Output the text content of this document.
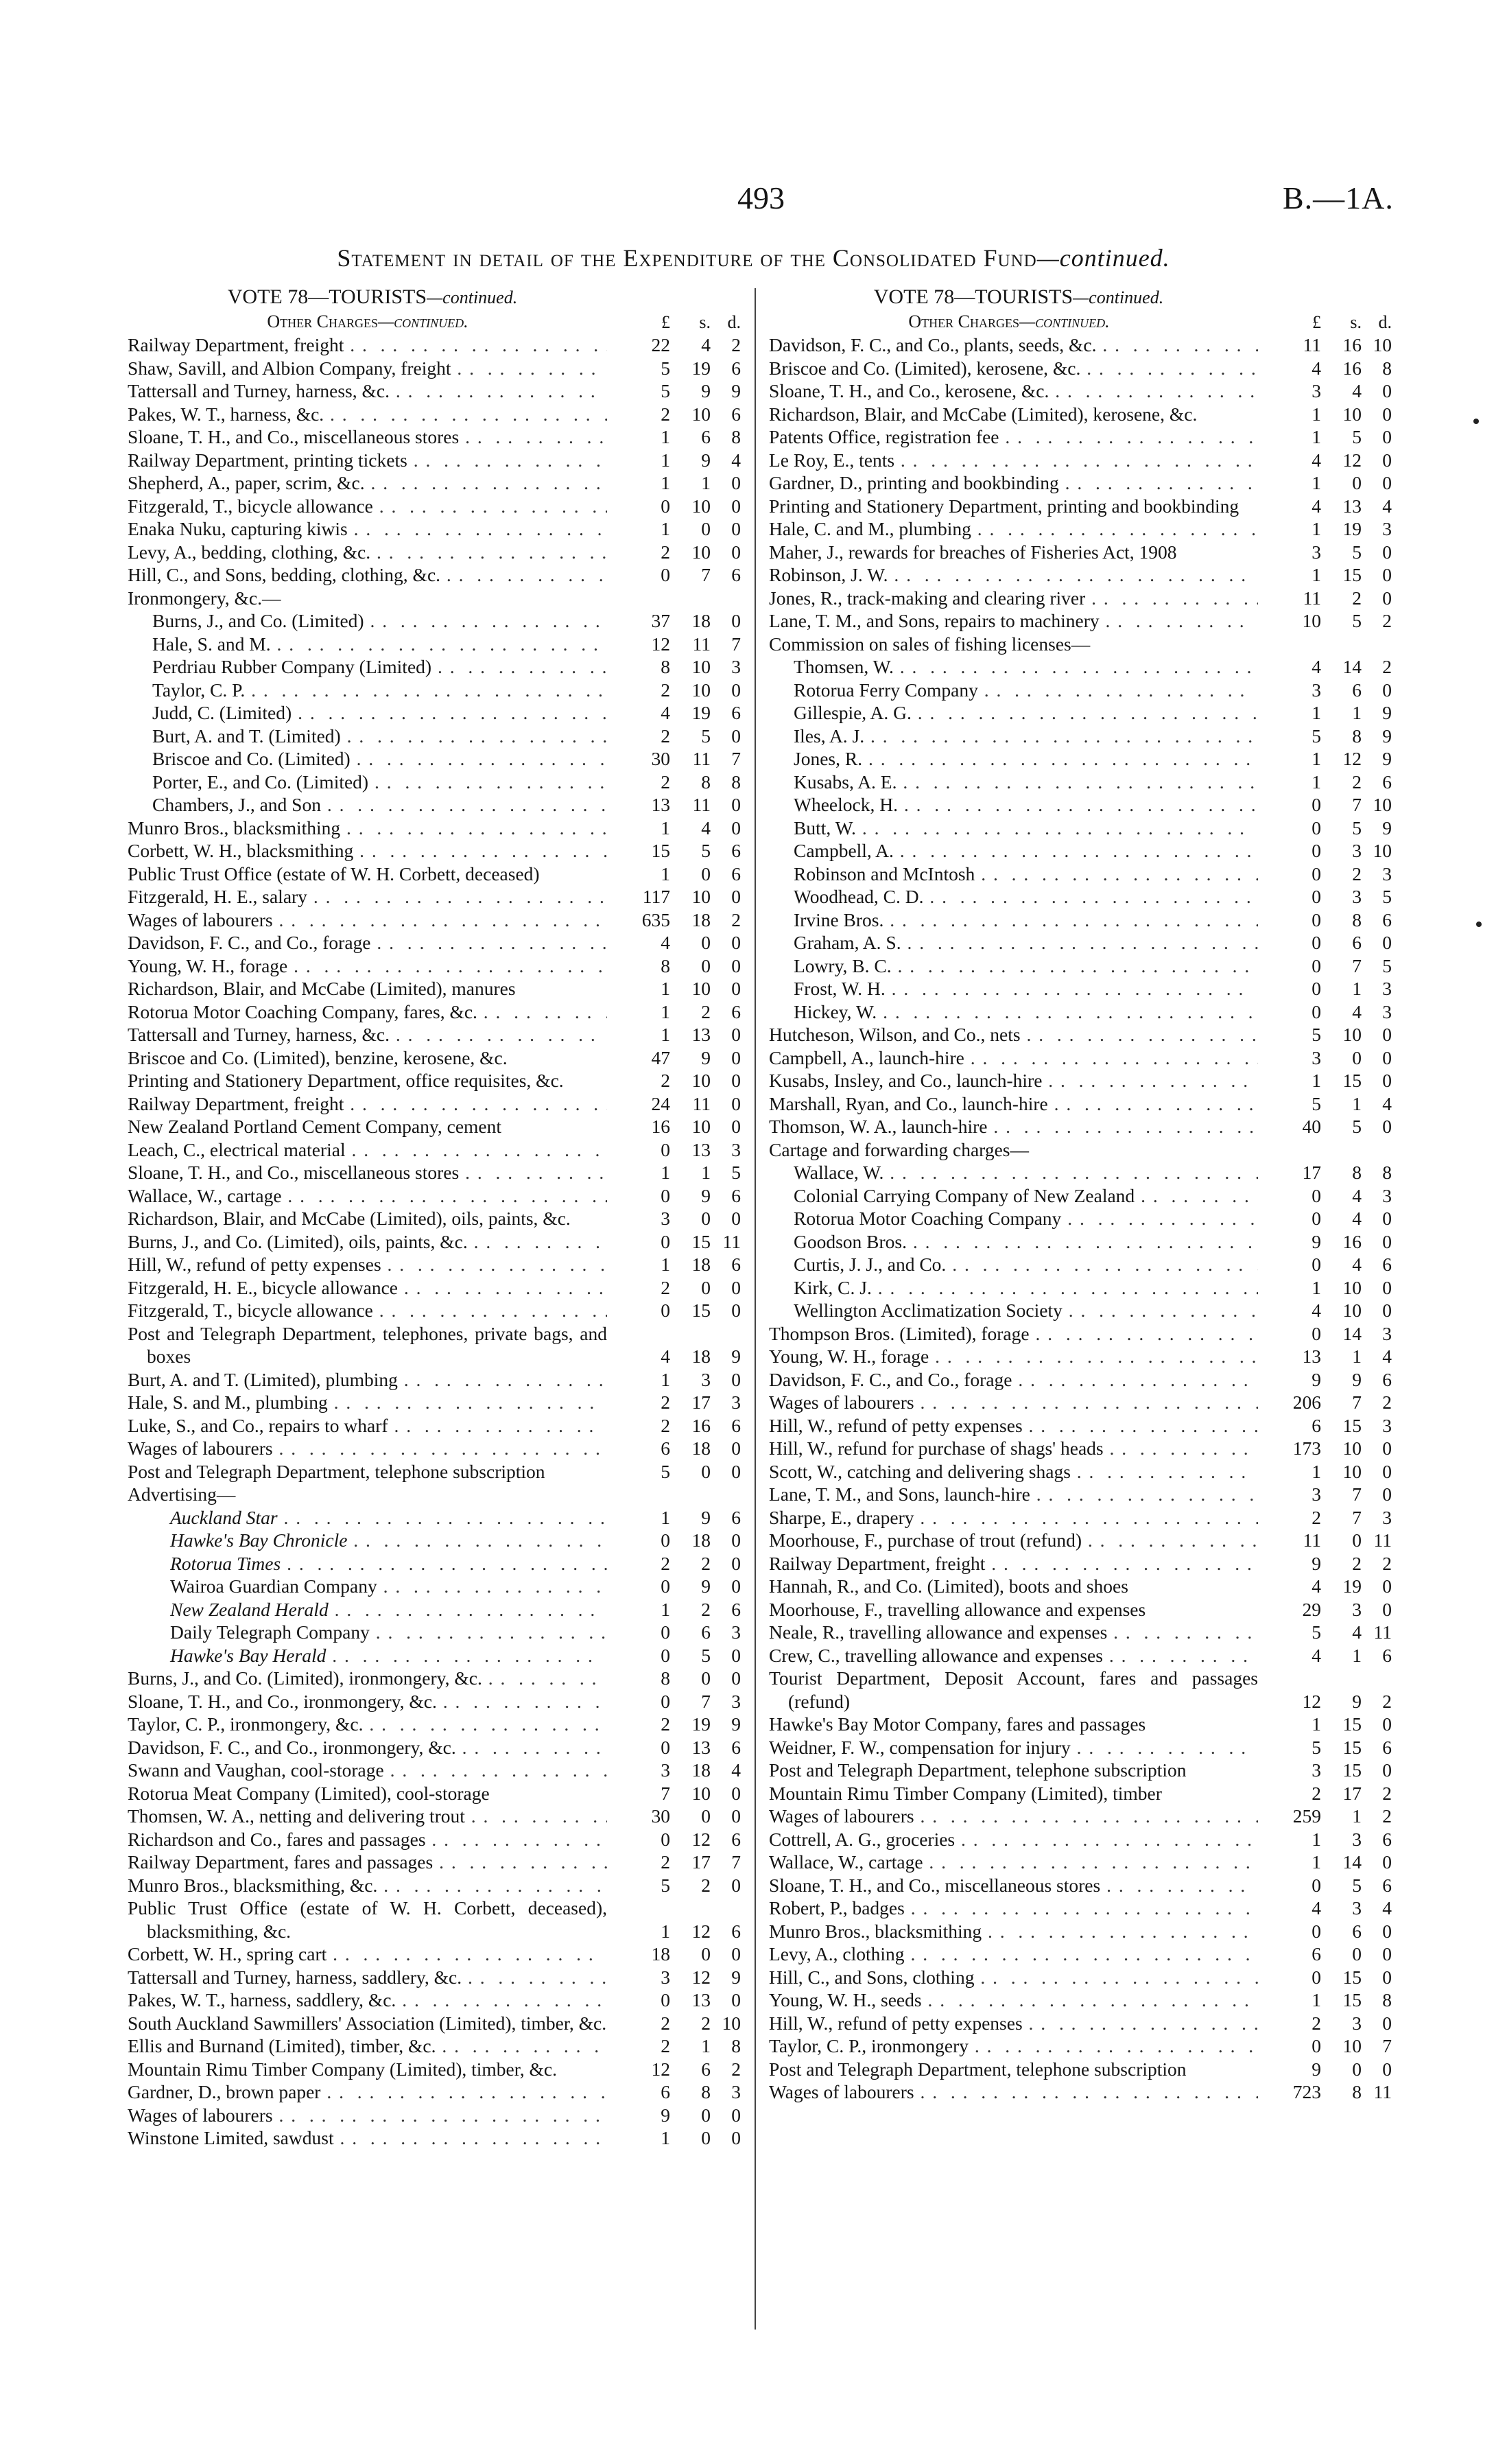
493	B.—1A.
Statement in detail of the Expenditure of the Consolidated Fund—continued.
VOTE 78—TOURISTS—continued.
Other Charges—continued.	£	s. d.
Railway Department, freight . .	22	4	2
Shaw, Savill, and Albion Company, freight . .	5	19	6
Tattersall and Turney, harness, &c. . .	5	9	9
Pakes, W. T., harness, &c. . .	2	10	6
Sloane, T. H., and Co., miscellaneous stores . .	1	6	8
Railway Department, printing tickets . .	1	9	4
Shepherd, A., paper, scrim, &c. . .	1	1	0
Fitzgerald, T., bicycle allowance . .	0	10	0
Enaka Nuku, capturing kiwis . .	1	0	0
Levy, A., bedding, clothing, &c. . .	2	10	0
Hill, C., and Sons, bedding, clothing, &c. . .	0	7	6
Ironmongery, &c.—
Burns, J., and Co. (Limited) . .	37	18	0
Hale, S. and M. . .	12	11	7
Perdriau Rubber Company (Limited) . .	8	10	3
Taylor, C. P. . .	2	10	0
Judd, C. (Limited) . .	4	19	6
Burt, A. and T. (Limited) . .	2	5	0
Briscoe and Co. (Limited) . .	30	11	7
Porter, E., and Co. (Limited) . .	2	8	8
Chambers, J., and Son . .	13	11	0
Munro Bros., blacksmithing . .	1	4	0
Corbett, W. H., blacksmithing . .	15	5	6
Public Trust Office (estate of W. H. Corbett, deceased)	1	0	6
Fitzgerald, H. E., salary . .	117	10	0
Wages of labourers . .	635	18	2
Davidson, F. C., and Co., forage . .	4	0	0
Young, W. H., forage . .	8	0	0
Richardson, Blair, and McCabe (Limited), manures	1	10	0
Rotorua Motor Coaching Company, fares, &c. . .	1	2	6
Tattersall and Turney, harness, &c. . .	1	13	0
Briscoe and Co. (Limited), benzine, kerosene, &c.	47	9	0
Printing and Stationery Department, office requisites, &c.	2	10	0
Railway Department, freight . .	24	11	0
New Zealand Portland Cement Company, cement	16	10	0
Leach, C., electrical material . .	0	13	3
Sloane, T. H., and Co., miscellaneous stores . .	1	1	5
Wallace, W., cartage . .	0	9	6
Richardson, Blair, and McCabe (Limited), oils, paints, &c.	3	0	0
Burns, J., and Co. (Limited), oils, paints, &c. . .	0	15 11
Hill, W., refund of petty expenses . .	1	18	6
Fitzgerald, H. E., bicycle allowance . .	2	0	0
Fitzgerald, T., bicycle allowance . .	0	15	0
Post and Telegraph Department, telephones, private bags, and boxes	4	18	9
Burt, A. and T. (Limited), plumbing . .	1	3	0
Hale, S. and M., plumbing . .	2	17	3
Luke, S., and Co., repairs to wharf . .	2	16	6
Wages of labourers . .	6	18	0
Post and Telegraph Department, telephone subscription	5	0	0
Advertising—
Auckland Star . .	1	9	6
Hawke's Bay Chronicle . .	0	18	0
Rotorua Times . .	2	2	0
Wairoa Guardian Company . .	0	9	0
New Zealand Herald . .	1	2	6
Daily Telegraph Company . .	0	6	3
Hawke's Bay Herald . .	0	5	0
Burns, J., and Co. (Limited), ironmongery, &c. . .	8	0	0
Sloane, T. H., and Co., ironmongery, &c. . .	0	7	3
Taylor, C. P., ironmongery, &c. . .	2	19	9
Davidson, F. C., and Co., ironmongery, &c. . .	0	13	6
Swann and Vaughan, cool-storage . .	3	18	4
Rotorua Meat Company (Limited), cool-storage	7	10	0
Thomsen, W. A., netting and delivering trout . .	30	0	0
Richardson and Co., fares and passages . .	0	12	6
Railway Department, fares and passages . .	2	17	7
Munro Bros., blacksmithing, &c. . .	5	2	0
Public Trust Office (estate of W. H. Corbett, deceased), blacksmithing, &c.	1	12	6
Corbett, W. H., spring cart . .	18	0	0
Tattersall and Turney, harness, saddlery, &c. . .	3	12	9
Pakes, W. T., harness, saddlery, &c. . .	0	13	0
South Auckland Sawmillers' Association (Limited), timber, &c.	2	2 10
Ellis and Burnand (Limited), timber, &c. . .	2	1	8
Mountain Rimu Timber Company (Limited), timber, &c.	12	6	2
Gardner, D., brown paper . .	6	8	3
Wages of labourers . .	9	0	0
Winstone Limited, sawdust . .	1	0	0
VOTE 78—TOURISTS—continued.
Other Charges—continued.	£	s. d.
Davidson, F. C., and Co., plants, seeds, &c. . .	11	16 10
Briscoe and Co. (Limited), kerosene, &c. . .	4	16	8
Sloane, T. H., and Co., kerosene, &c. . .	3	4	0
Richardson, Blair, and McCabe (Limited), kerosene, &c.	1	10	0
Patents Office, registration fee . .	1	5	0
Le Roy, E., tents . .	4	12	0
Gardner, D., printing and bookbinding . .	1	0	0
Printing and Stationery Department, printing and bookbinding	4	13	4
Hale, C. and M., plumbing . .	1	19	3
Maher, J., rewards for breaches of Fisheries Act, 1908	3	5	0
Robinson, J. W. . .	1	15	0
Jones, R., track-making and clearing river . .	11	2	0
Lane, T. M., and Sons, repairs to machinery . .	10	5	2
Commission on sales of fishing licenses—
Thomsen, W. . .	4	14	2
Rotorua Ferry Company . .	3	6	0
Gillespie, A. G. . .	1	1	9
Iles, A. J. . .	5	8	9
Jones, R. . .	1	12	9
Kusabs, A. E. . .	1	2	6
Wheelock, H. . .	0	7 10
Butt, W. . .	0	5	9
Campbell, A. . .	0	3 10
Robinson and McIntosh . .	0	2	3
Woodhead, C. D. . .	0	3	5
Irvine Bros. . .	0	8	6
Graham, A. S. . .	0	6	0
Lowry, B. C. . .	0	7	5
Frost, W. H. . .	0	1	3
Hickey, W. . .	0	4	3
Hutcheson, Wilson, and Co., nets . .	5	10	0
Campbell, A., launch-hire . .	3	0	0
Kusabs, Insley, and Co., launch-hire . .	1	15	0
Marshall, Ryan, and Co., launch-hire . .	5	1	4
Thomson, W. A., launch-hire . .	40	5	0
Cartage and forwarding charges—
Wallace, W. . .	17	8	8
Colonial Carrying Company of New Zealand . .	0	4	3
Rotorua Motor Coaching Company . .	0	4	0
Goodson Bros. . .	9	16	0
Curtis, J. J., and Co. . .	0	4	6
Kirk, C. J. . .	1	10	0
Wellington Acclimatization Society . .	4	10	0
Thompson Bros. (Limited), forage . .	0	14	3
Young, W. H., forage . .	13	1	4
Davidson, F. C., and Co., forage . .	9	9	6
Wages of labourers . .	206	7	2
Hill, W., refund of petty expenses . .	6	15	3
Hill, W., refund for purchase of shags' heads . .	173	10	0
Scott, W., catching and delivering shags . .	1	10	0
Lane, T. M., and Sons, launch-hire . .	3	7	0
Sharpe, E., drapery . .	2	7	3
Moorhouse, F., purchase of trout (refund) . .	11	0 11
Railway Department, freight . .	9	2	2
Hannah, R., and Co. (Limited), boots and shoes	4	19	0
Moorhouse, F., travelling allowance and expenses	29	3	0
Neale, R., travelling allowance and expenses . .	5	4 11
Crew, C., travelling allowance and expenses . .	4	1	6
Tourist Department, Deposit Account, fares and passages (refund)	12	9	2
Hawke's Bay Motor Company, fares and passages	1	15	0
Weidner, F. W., compensation for injury . .	5	15	6
Post and Telegraph Department, telephone subscription	3	15	0
Mountain Rimu Timber Company (Limited), timber	2	17	2
Wages of labourers . .	259	1	2
Cottrell, A. G., groceries . .	1	3	6
Wallace, W., cartage . .	1	14	0
Sloane, T. H., and Co., miscellaneous stores . .	0	5	6
Robert, P., badges . .	4	3	4
Munro Bros., blacksmithing . .	0	6	0
Levy, A., clothing . .	6	0	0
Hill, C., and Sons, clothing . .	0	15	0
Young, W. H., seeds . .	1	15	8
Hill, W., refund of petty expenses . .	2	3	0
Taylor, C. P., ironmongery . .	0	10	7
Post and Telegraph Department, telephone subscription	9	0	0
Wages of labourers . .	723	8 11
